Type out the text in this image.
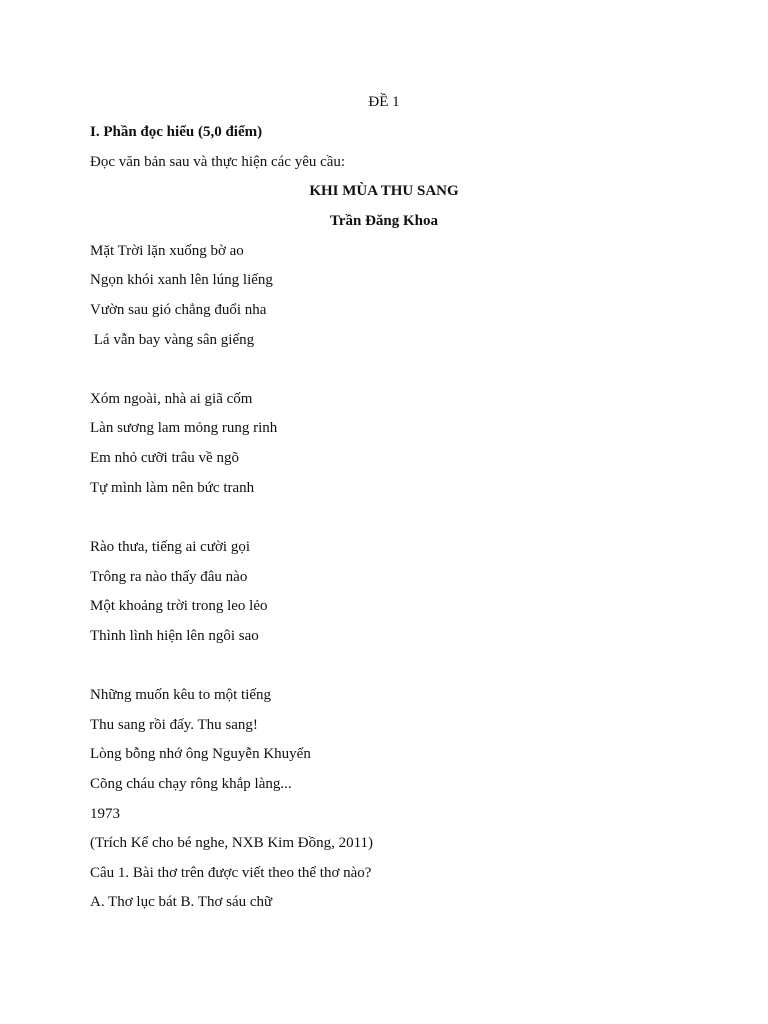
ĐỀ 1
I. Phần đọc hiểu (5,0 điểm)
Đọc văn bản sau và thực hiện các yêu cầu:
KHI MÙA THU SANG
Trần Đăng Khoa
Mặt Trời lặn xuống bờ ao
Ngọn khói xanh lên lúng liếng
Vườn sau gió chẳng đuổi nha
Lá vẫn bay vàng sân giếng
Xóm ngoài, nhà ai giã cốm
Làn sương lam mỏng rung rinh
Em nhỏ cưỡi trâu về ngõ
Tự mình làm nên bức tranh
Rào thưa, tiếng ai cười gọi
Trông ra nào thấy đâu nào
Một khoảng trời trong leo lẻo
Thình lình hiện lên ngôi sao
Những muốn kêu to một tiếng
Thu sang rồi đấy. Thu sang!
Lòng bỗng nhớ ông Nguyễn Khuyến
Cõng cháu chạy rông khắp làng...
1973
(Trích Kể cho bé nghe, NXB Kim Đồng, 2011)
Câu 1. Bài thơ trên được viết theo thể thơ nào?
A. Thơ lục bát B. Thơ sáu chữ
